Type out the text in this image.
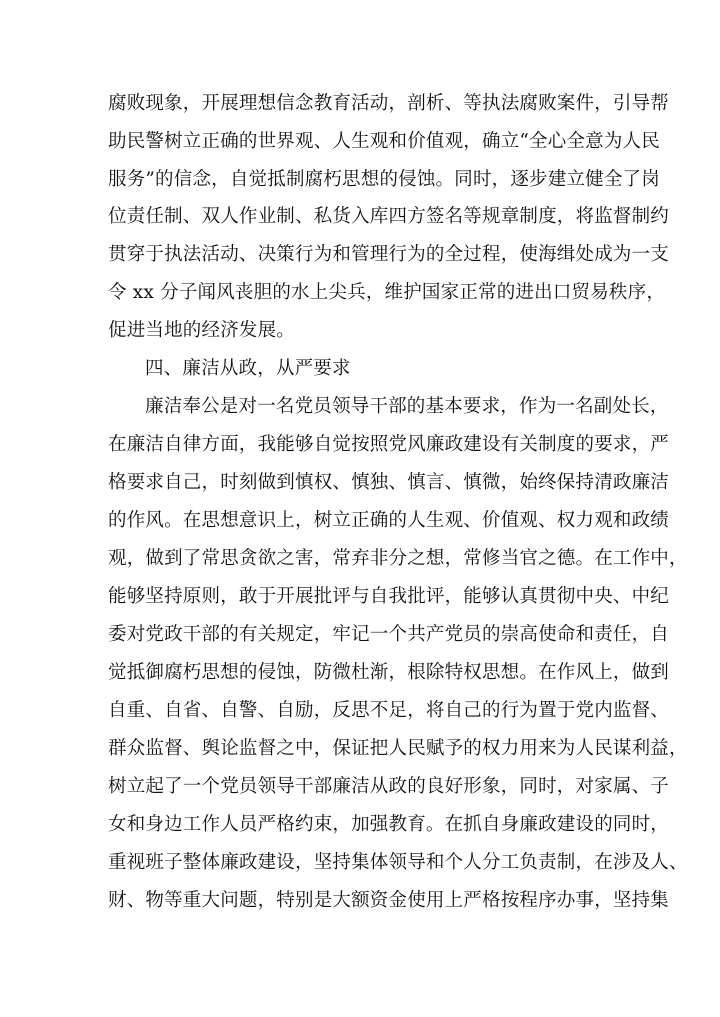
腐败现象，开展理想信念教育活动，剖析、等执法腐败案件，引导帮
助民警树立正确的世界观、人生观和价值观，确立“全心全意为人民
服务”的信念，自觉抵制腐朽思想的侵蚀。同时，逐步建立健全了岗
位责任制、双人作业制、私货入库四方签名等规章制度，将监督制约
贯穿于执法活动、决策行为和管理行为的全过程，使海缉处成为一支
令 xx 分子闻风丧胆的水上尖兵，维护国家正常的进出口贸易秩序，
促进当地的经济发展。
四、廉洁从政，从严要求
廉洁奉公是对一名党员领导干部的基本要求，作为一名副处长，
在廉洁自律方面，我能够自觉按照党风廉政建设有关制度的要求，严
格要求自己，时刻做到慎权、慎独、慎言、慎微，始终保持清政廉洁
的作风。在思想意识上，树立正确的人生观、价值观、权力观和政绩
观，做到了常思贪欲之害，常弃非分之想，常修当官之德。在工作中，
能够坚持原则，敢于开展批评与自我批评，能够认真贯彻中央、中纪
委对党政干部的有关规定，牢记一个共产党员的崇高使命和责任，自
觉抵御腐朽思想的侵蚀，防微杜渐，根除特权思想。在作风上，做到
自重、自省、自警、自励，反思不足，将自己的行为置于党内监督、
群众监督、舆论监督之中，保证把人民赋予的权力用来为人民谋利益，
树立起了一个党员领导干部廉洁从政的良好形象，同时，对家属、子
女和身边工作人员严格约束，加强教育。在抓自身廉政建设的同时，
重视班子整体廉政建设，坚持集体领导和个人分工负责制，在涉及人、
财、物等重大问题，特别是大额资金使用上严格按程序办事，坚持集
